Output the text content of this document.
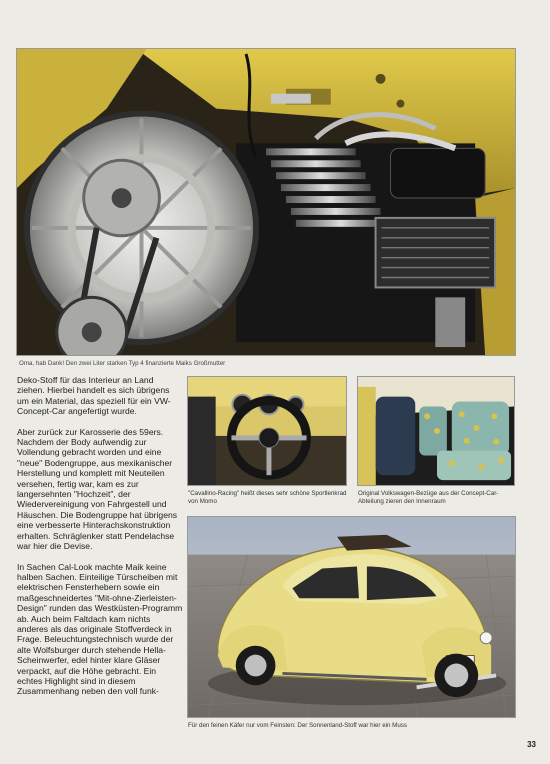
Oma, hab Dank! Den zwei Liter starken Typ 4 finanzierte Maiks Großmutter

Deko-Stoff für das Interieur an Land ziehen. Hierbei handelt es sich übrigens um ein Material, das speziell für ein VW-Concept-Car angefertigt wurde.

Aber zurück zur Karosserie des 59ers. Nachdem der Body aufwendig zur Vollendung gebracht worden und eine "neue" Bodengruppe, aus mexikanischer Herstellung und komplett mit Neuteilen versehen, fertig war, kam es zur langersehnten "Hochzeit", der Wiedervereinigung von Fahrgestell und Häuschen. Die Bodengruppe hat übrigens eine verbesserte Hinterachskonstruktion erhalten. Schräglenker statt Pendelachse war hier die Devise.

In Sachen Cal-Look machte Maik keine halben Sachen. Einteilige Türscheiben mit elektrischen Fensterhebern sowie ein maßgeschneidertes "Mit-ohne-Zierleisten-Design" runden das Westküsten-Programm ab. Auch beim Faltdach kam nichts anderes als das originale Stoffverdeck in Frage. Beleuchtungstechnisch wurde der alte Wolfsburger durch stehende Hella-Scheinwerfer, edel hinter klare Gläser verpackt, auf die Höhe gebracht. Ein echtes Highlight sind in diesem Zusammenhang neben den voll funk-

"Cavallino-Racing" heißt dieses sehr schöne Sportlenkrad von Momo
Original Volkswagen-Bezüge aus der Concept-Car-Abteilung zieren den Innenraum
Für den feinen Käfer nur vom Feinsten: Der Sonnenland-Stoff war hier ein Muss
33
